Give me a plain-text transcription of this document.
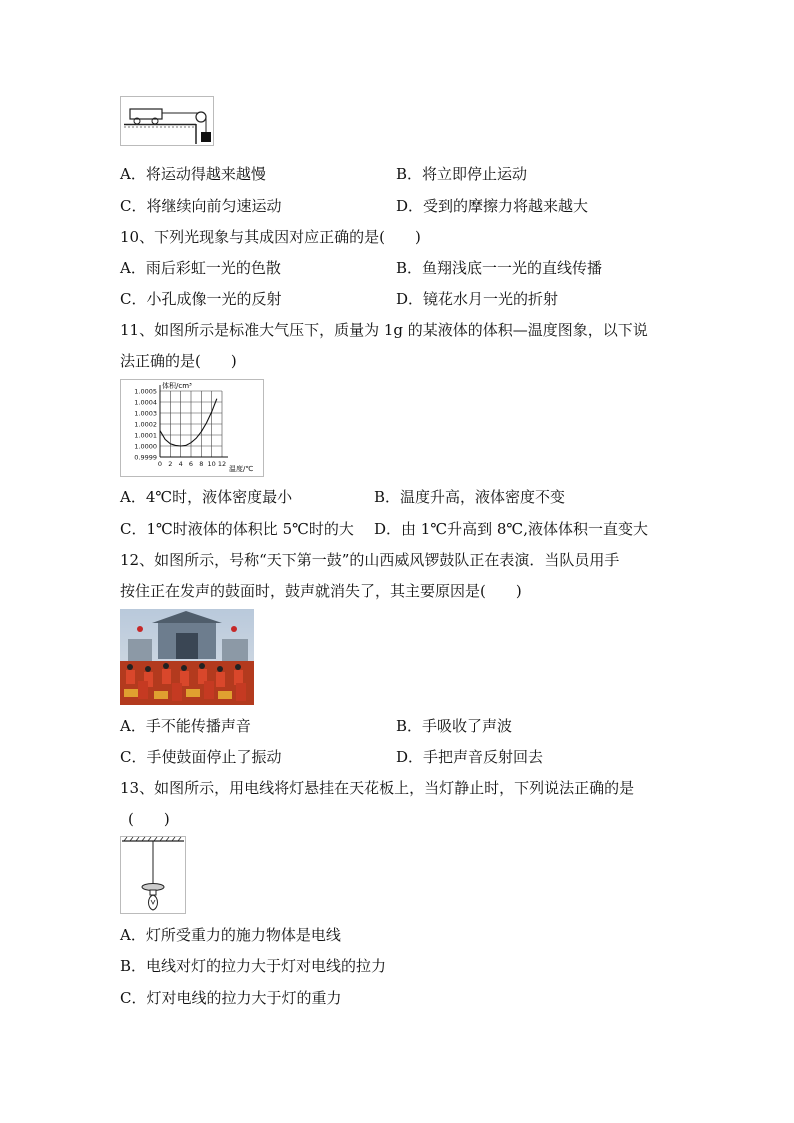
A．将运动得越来越慢	B．将立即停止运动
C．将继续向前匀速运动	D．受到的摩擦力将越来越大
10、下列光现象与其成因对应正确的是(　　)
A．雨后彩虹一光的色散	B．鱼翔浅底一一光的直线传播
C．小孔成像一光的反射	D．镜花水月一光的折射
11、如图所示是标准大气压下，质量为 1g 的某液体的体积—温度图象，以下说
法正确的是(　　)
0.9999
1.0000
1.0001
1.0002
1.0003
1.0004
1.0005
0 2 4 6 8 10 12
体积/cm³
温度/℃
A．4℃时，液体密度最小	B．温度升高，液体密度不变
C．1℃时液体的体积比 5℃时的大 D．由 1℃升高到 8℃,液体体积一直变大
12、如图所示，号称“天下第一鼓”的山西威风锣鼓队正在表演．当队员用手
按住正在发声的鼓面时，鼓声就消失了，其主要原因是(　　)
A．手不能传播声音	B．手吸收了声波
C．手使鼓面停止了振动	D．手把声音反射回去
13、如图所示，用电线将灯悬挂在天花板上，当灯静止时，下列说法正确的是
(　　)
A．灯所受重力的施力物体是电线
B．电线对灯的拉力大于灯对电线的拉力
C．灯对电线的拉力大于灯的重力
